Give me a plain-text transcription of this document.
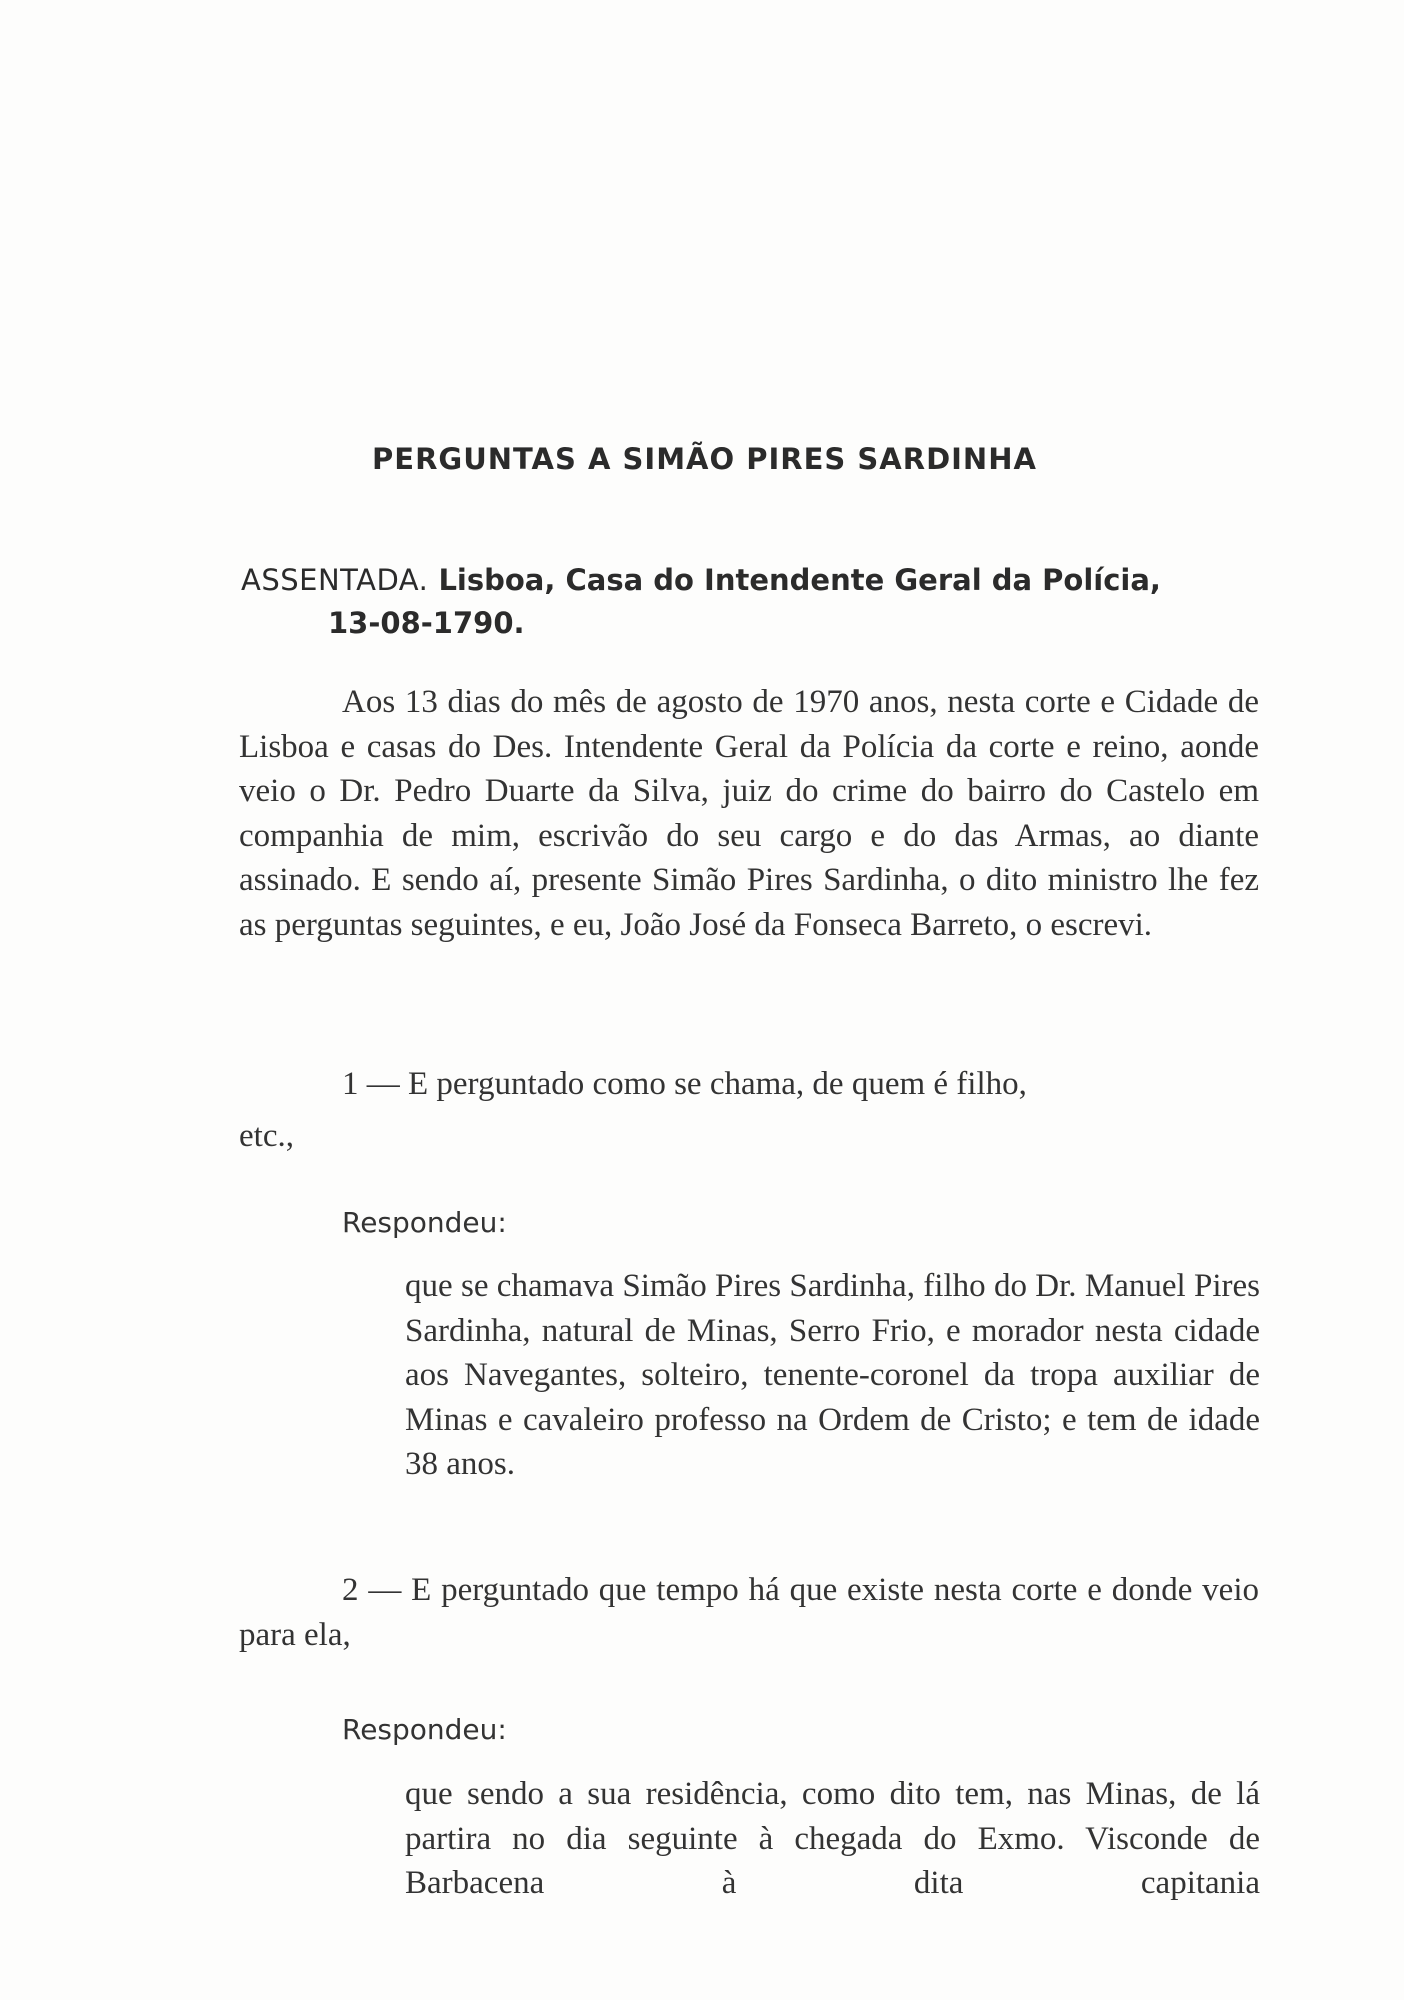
PERGUNTAS A SIMÃO PIRES SARDINHA
ASSENTADA. Lisboa, Casa do Intendente Geral da Polícia,
13-08-1790.

Aos 13 dias do mês de agosto de 1970 anos, nesta corte e Cidade de Lisboa e casas do Des. Intendente Geral da Polícia da corte e reino, aonde veio o Dr. Pedro Duarte da Silva, juiz do crime do bairro do Castelo em companhia de mim, escrivão do seu cargo e do das Armas, ao diante assinado. E sendo aí, presente Simão Pires Sardinha, o dito ministro lhe fez as perguntas seguintes, e eu, João José da Fonseca Barreto, o escrevi.

1 — E perguntado como se chama, de quem é filho,
etc.,
Respondeu:

que se chamava Simão Pires Sardinha, filho do Dr. Manuel Pires Sardinha, natural de Minas, Serro Frio, e morador nesta cidade aos Navegantes, solteiro, tenente-coronel da tropa auxiliar de Minas e cavaleiro professo na Ordem de Cristo; e tem de idade 38 anos.

2 — E perguntado que tempo há que existe nesta corte e donde veio para ela,

Respondeu:

que sendo a sua residência, como dito tem, nas Minas, de lá partira no dia seguinte à chegada do Exmo. Visconde de Barbacena à dita capitania
